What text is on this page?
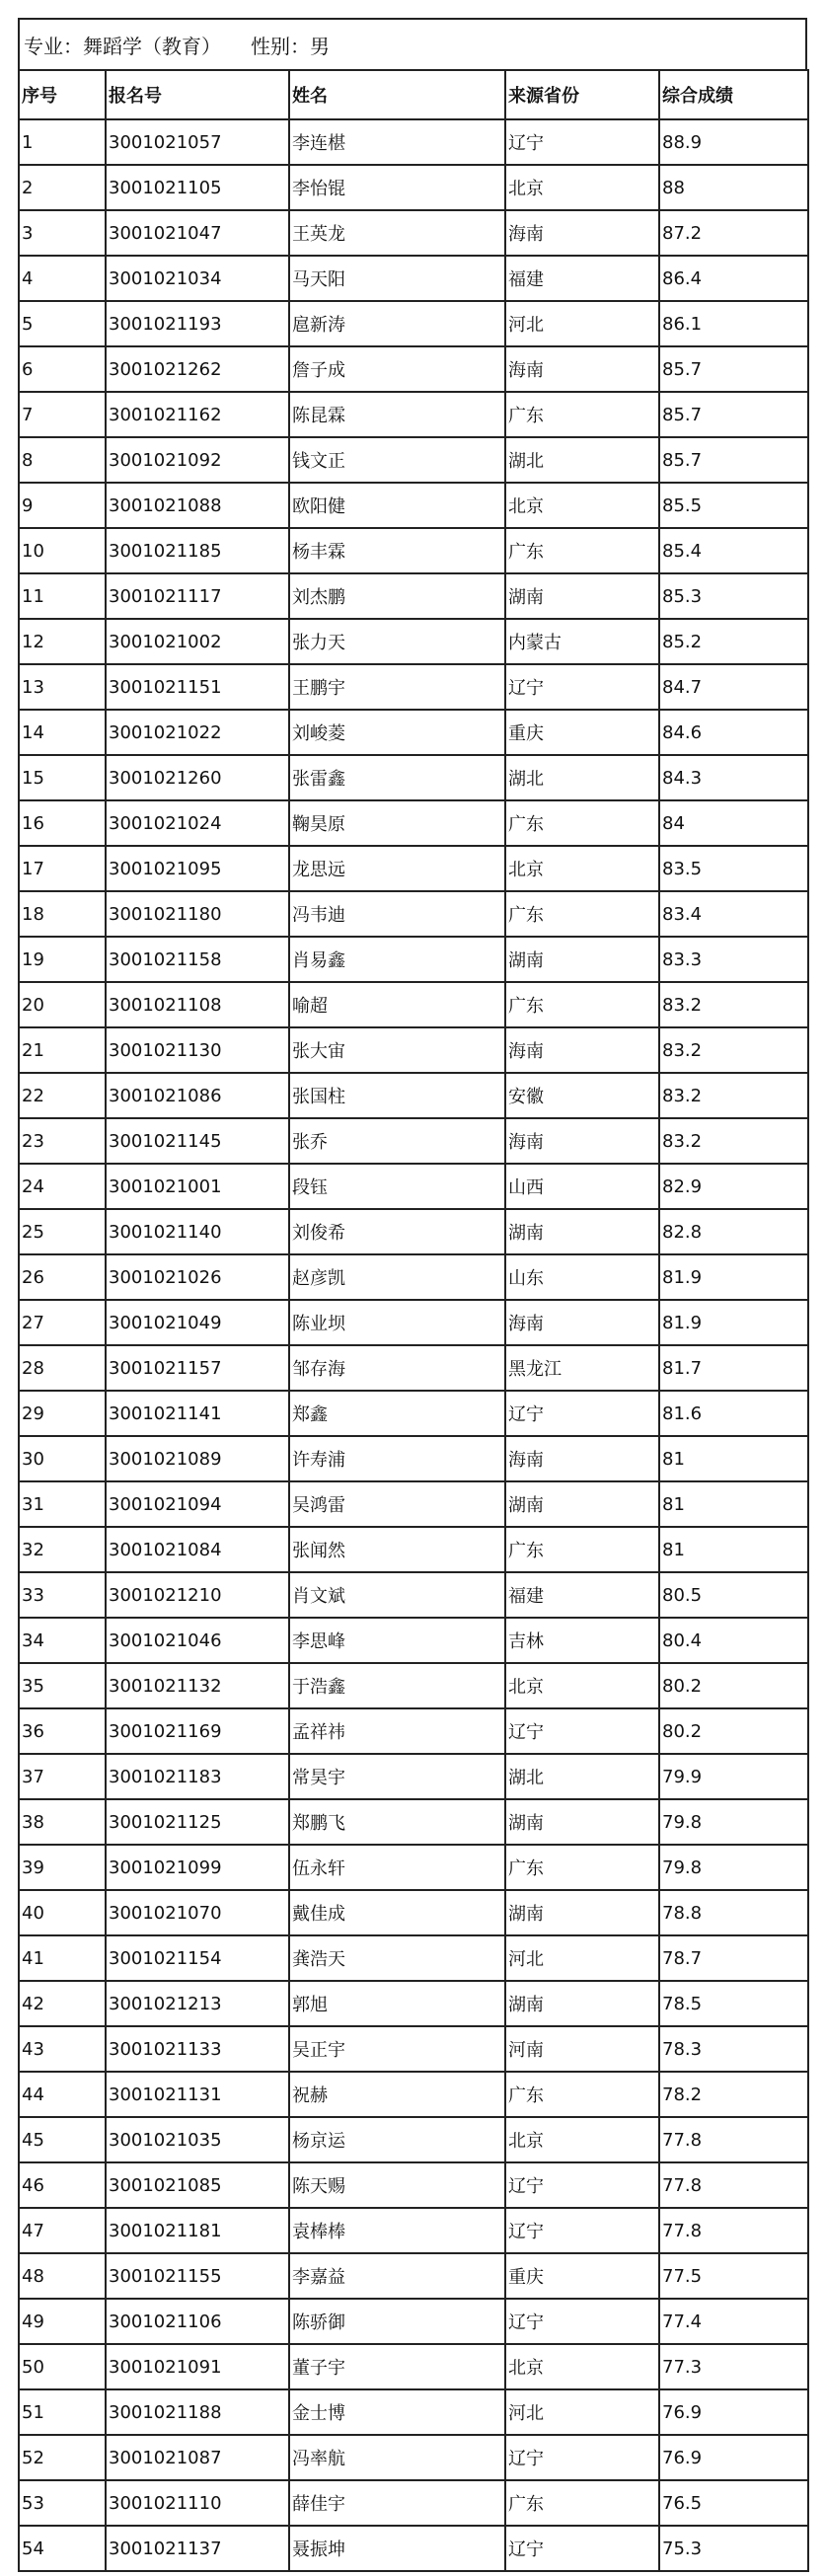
专业：舞蹈学（教育） 性别：男
序号	报名号	姓名	来源省份	综合成绩
1	3001021057	李连椹	辽宁	88.9
2	3001021105	李怡锟	北京	88
3	3001021047	王英龙	海南	87.2
4	3001021034	马天阳	福建	86.4
5	3001021193	扈新涛	河北	86.1
6	3001021262	詹子成	海南	85.7
7	3001021162	陈昆霖	广东	85.7
8	3001021092	钱文正	湖北	85.7
9	3001021088	欧阳健	北京	85.5
10	3001021185	杨丰霖	广东	85.4
11	3001021117	刘杰鹏	湖南	85.3
12	3001021002	张力天	内蒙古	85.2
13	3001021151	王鹏宇	辽宁	84.7
14	3001021022	刘峻菱	重庆	84.6
15	3001021260	张雷鑫	湖北	84.3
16	3001021024	鞠昊原	广东	84
17	3001021095	龙思远	北京	83.5
18	3001021180	冯韦迪	广东	83.4
19	3001021158	肖易鑫	湖南	83.3
20	3001021108	喻超	广东	83.2
21	3001021130	张大宙	海南	83.2
22	3001021086	张国柱	安徽	83.2
23	3001021145	张乔	海南	83.2
24	3001021001	段钰	山西	82.9
25	3001021140	刘俊希	湖南	82.8
26	3001021026	赵彦凯	山东	81.9
27	3001021049	陈业坝	海南	81.9
28	3001021157	邹存海	黑龙江	81.7
29	3001021141	郑鑫	辽宁	81.6
30	3001021089	许寿浦	海南	81
31	3001021094	吴鸿雷	湖南	81
32	3001021084	张闻然	广东	81
33	3001021210	肖文斌	福建	80.5
34	3001021046	李思峰	吉林	80.4
35	3001021132	于浩鑫	北京	80.2
36	3001021169	孟祥祎	辽宁	80.2
37	3001021183	常昊宇	湖北	79.9
38	3001021125	郑鹏飞	湖南	79.8
39	3001021099	伍永轩	广东	79.8
40	3001021070	戴佳成	湖南	78.8
41	3001021154	龚浩天	河北	78.7
42	3001021213	郭旭	湖南	78.5
43	3001021133	吴正宇	河南	78.3
44	3001021131	祝赫	广东	78.2
45	3001021035	杨京运	北京	77.8
46	3001021085	陈天赐	辽宁	77.8
47	3001021181	袁棒棒	辽宁	77.8
48	3001021155	李嘉益	重庆	77.5
49	3001021106	陈骄御	辽宁	77.4
50	3001021091	董子宇	北京	77.3
51	3001021188	金士博	河北	76.9
52	3001021087	冯率航	辽宁	76.9
53	3001021110	薛佳宇	广东	76.5
54	3001021137	聂振坤	辽宁	75.3
